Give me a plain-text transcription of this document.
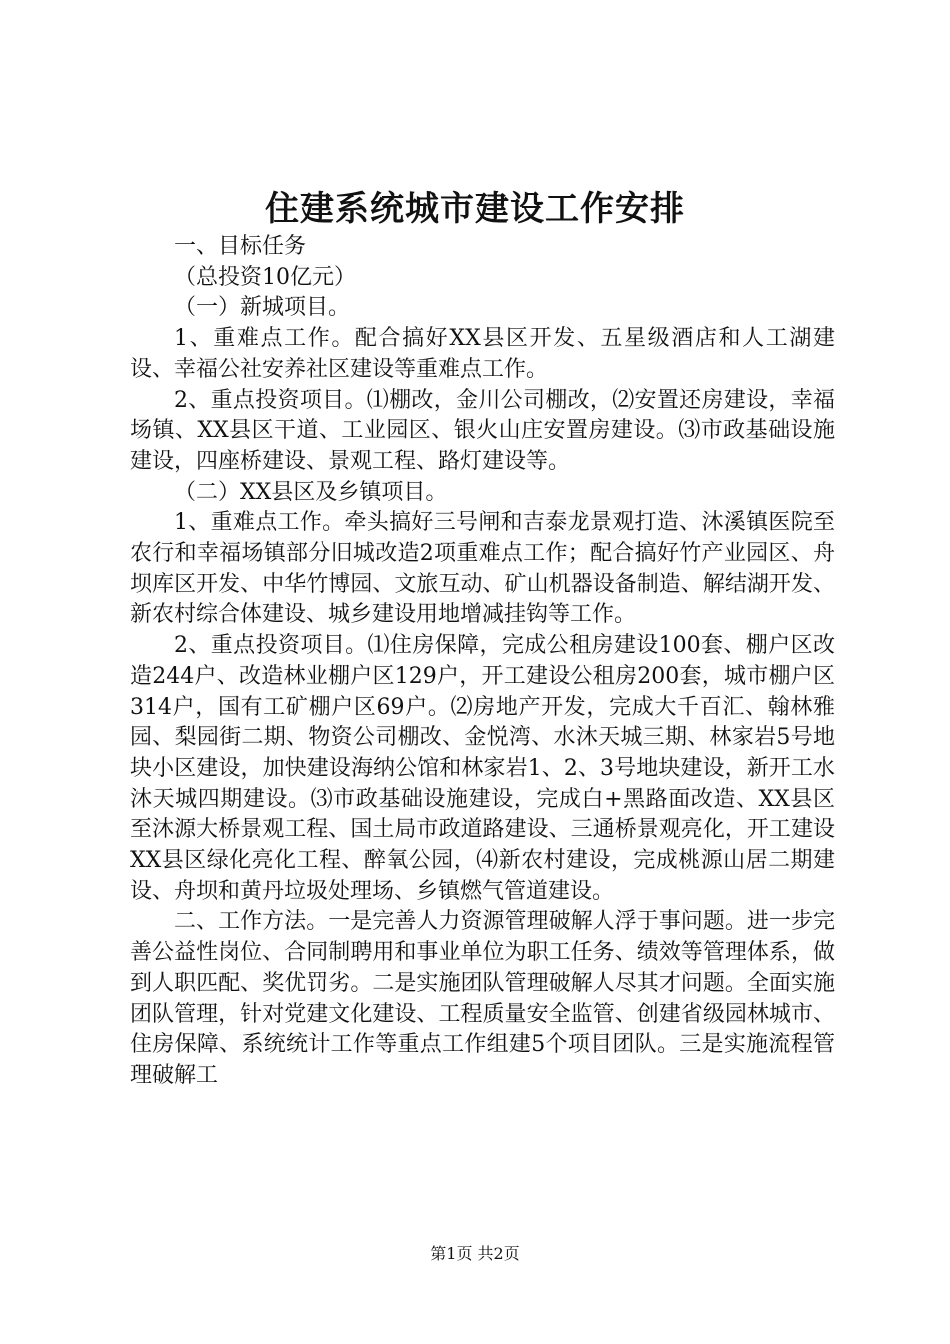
住建系统城市建设工作安排

一、目标任务

（总投资10亿元）

（一）新城项目。

1、重难点工作。配合搞好XX县区开发、五星级酒店和人工湖建设、幸福公社安养社区建设等重难点工作。

2、重点投资项目。⑴棚改，金川公司棚改，⑵安置还房建设，幸福场镇、XX县区干道、工业园区、银火山庄安置房建设。⑶市政基础设施建设，四座桥建设、景观工程、路灯建设等。

（二）XX县区及乡镇项目。

1、重难点工作。牵头搞好三号闸和吉泰龙景观打造、沐溪镇医院至农行和幸福场镇部分旧城改造2项重难点工作；配合搞好竹产业园区、舟坝库区开发、中华竹博园、文旅互动、矿山机器设备制造、解结湖开发、新农村综合体建设、城乡建设用地增减挂钩等工作。

2、重点投资项目。⑴住房保障，完成公租房建设100套、棚户区改造244户、改造林业棚户区129户，开工建设公租房200套，城市棚户区314户，国有工矿棚户区69户。⑵房地产开发，完成大千百汇、翰林雅园、梨园街二期、物资公司棚改、金悦湾、水沐天城三期、林家岩5号地块小区建设，加快建设海纳公馆和林家岩1、2、3号地块建设，新开工水沐天城四期建设。⑶市政基础设施建设，完成白+黑路面改造、XX县区至沐源大桥景观工程、国土局市政道路建设、三通桥景观亮化，开工建设XX县区绿化亮化工程、醉氧公园，⑷新农村建设，完成桃源山居二期建设、舟坝和黄丹垃圾处理场、乡镇燃气管道建设。

二、工作方法。一是完善人力资源管理破解人浮于事问题。进一步完善公益性岗位、合同制聘用和事业单位为职工任务、绩效等管理体系，做到人职匹配、奖优罚劣。二是实施团队管理破解人尽其才问题。全面实施团队管理，针对党建文化建设、工程质量安全监管、创建省级园林城市、住房保障、系统统计工作等重点工作组建5个项目团队。三是实施流程管理破解工

第1页 共2页
